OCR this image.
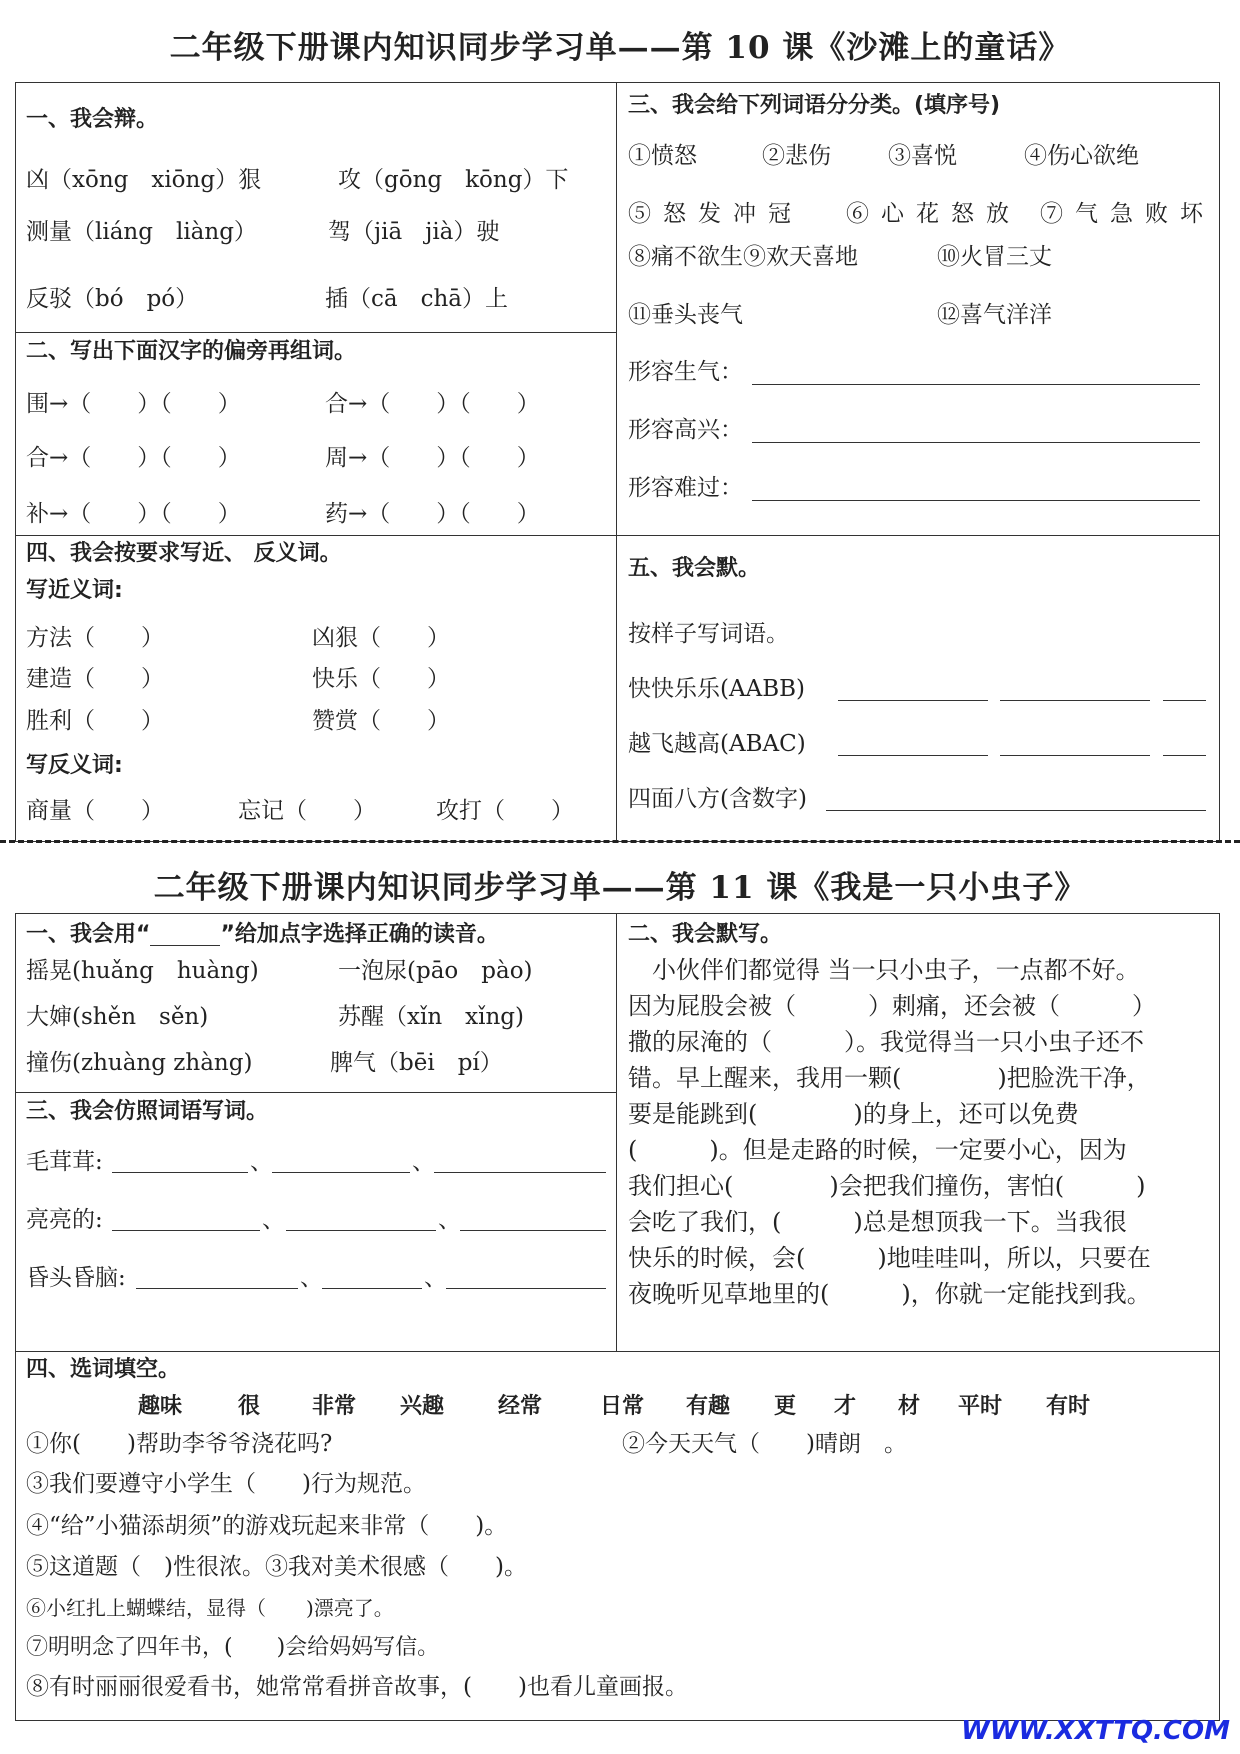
二年级下册课内知识同步学习单——第 10 课《沙滩上的童话》
一、我会辩。
凶（xōng　xiōng）狠	攻（gōng　kōng）下
测量（liáng　liàng）	驾（jiā　jià）驶
反驳（bó　pó）	插（cā　chā）上
二、写出下面汉字的偏旁再组词。
围→（　　）（　　）	合→（　　）（　　）
合→（　　）（　　）	周→（　　）（　　）
补→（　　）（　　）	药→（　　）（　　）
三、我会给下列词语分分类。(填序号)
①愤怒	②悲伤 ③喜悦	④伤心欲绝
⑤怒发冲冠 ⑥心花怒放 ⑦气急败坏
⑧痛不欲生⑨欢天喜地	⑩火冒三丈
⑪垂头丧气	⑫喜气洋洋
形容生气：
形容高兴：
形容难过：
四、我会按要求写近、 反义词。
写近义词:
方法（　　）	凶狠（　　）
建造（　　）	快乐（　　）
胜利（　　）	赞赏（　　）
写反义词:
商量（　　）	忘记（　　）	攻打（　　）
五、我会默。
按样子写词语。
快快乐乐(AABB)
越飞越高(ABAC)
四面八方(含数字)
二年级下册课内知识同步学习单——第 11 课《我是一只小虫子》
一、我会用“	”给加点字选择正确的读音。
摇晃(huǎng　huàng)	一泡尿(pāo　pào)
大婶(shěn　sěn)	苏醒（xǐn　xǐng)
撞伤(zhuàng zhàng)	脾气（bēi　pí）
三、我会仿照词语写词。
毛茸茸:	、	、
亮亮的:	、	、
昏头昏脑:	、	、
二、我会默写。
　小伙伴们都觉得 当一只小虫子，一点都不好。
因为屁股会被（　　　）刺痛，还会被（　　　）
撒的尿淹的（　　　）。我觉得当一只小虫子还不
错。早上醒来，我用一颗(　　　　)把脸洗干净，
要是能跳到(　　　　)的身上，还可以免费
(　　　)。但是走路的时候，一定要小心，因为
我们担心(　　　　)会把我们撞伤，害怕(　　　)
会吃了我们，(　　　)总是想顶我一下。当我很
快乐的时候，会(　　　)地哇哇叫，所以，只要在
夜晚听见草地里的(　　　)，你就一定能找到我。
四、选词填空。
趣味	很 非常 兴趣 经常	日常 有趣 更 才 材 平时 有时
①你(　　)帮助李爷爷浇花吗?	②今天天气（　　)晴朗　。
③我们要遵守小学生（　　)行为规范。
④“给”小猫添胡须”的游戏玩起来非常（　　)。
⑤这道题（　)性很浓。③我对美术很感（　　)。
⑥小红扎上蝴蝶结，显得（　　)漂亮了。
⑦明明念了四年书，(　　)会给妈妈写信。
⑧有时丽丽很爱看书，她常常看拼音故事，(　　)也看儿童画报。
WWW.XXTTQ.COM
